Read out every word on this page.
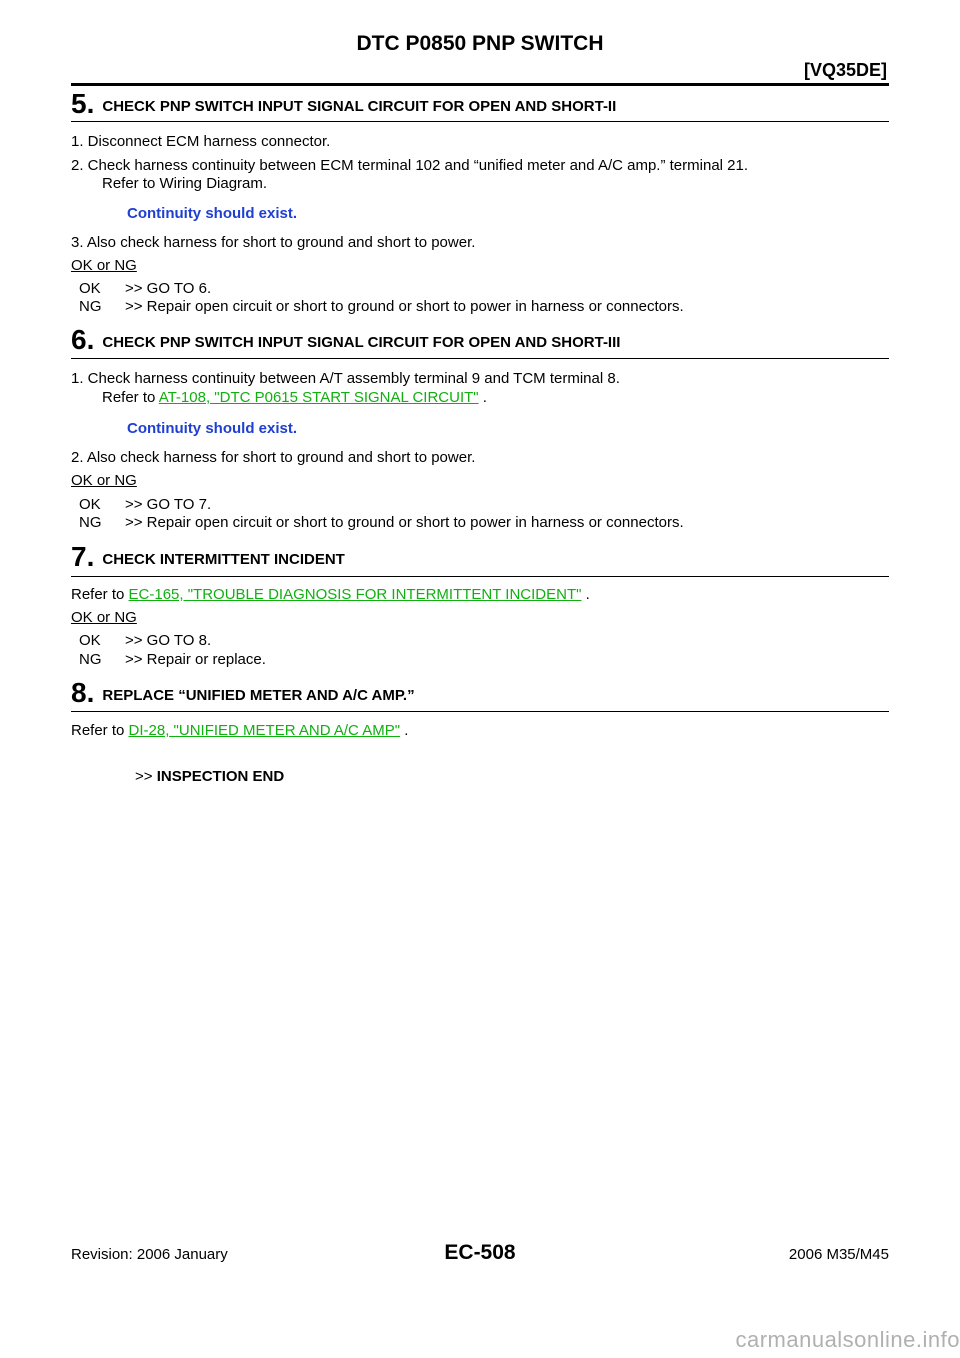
DTC P0850 PNP SWITCH
[VQ35DE]
5. CHECK PNP SWITCH INPUT SIGNAL CIRCUIT FOR OPEN AND SHORT-II
1. Disconnect ECM harness connector.
2. Check harness continuity between ECM terminal 102 and “unified meter and A/C amp.” terminal 21.
Refer to Wiring Diagram.
Continuity should exist.
3. Also check harness for short to ground and short to power.
OK or NG
OK >> GO TO 6.
NG >> Repair open circuit or short to ground or short to power in harness or connectors.
6. CHECK PNP SWITCH INPUT SIGNAL CIRCUIT FOR OPEN AND SHORT-III
1. Check harness continuity between A/T assembly terminal 9 and TCM terminal 8.
Refer to AT-108, "DTC P0615 START SIGNAL CIRCUIT" .
Continuity should exist.
2. Also check harness for short to ground and short to power.
OK or NG
OK >> GO TO 7.
NG >> Repair open circuit or short to ground or short to power in harness or connectors.
7. CHECK INTERMITTENT INCIDENT
Refer to EC-165, "TROUBLE DIAGNOSIS FOR INTERMITTENT INCIDENT" .
OK or NG
OK >> GO TO 8.
NG >> Repair or replace.
8. REPLACE “UNIFIED METER AND A/C AMP.”
Refer to DI-28, "UNIFIED METER AND A/C AMP" .
>> INSPECTION END
Revision: 2006 January	EC-508	2006 M35/M45
carmanualsonline.info
